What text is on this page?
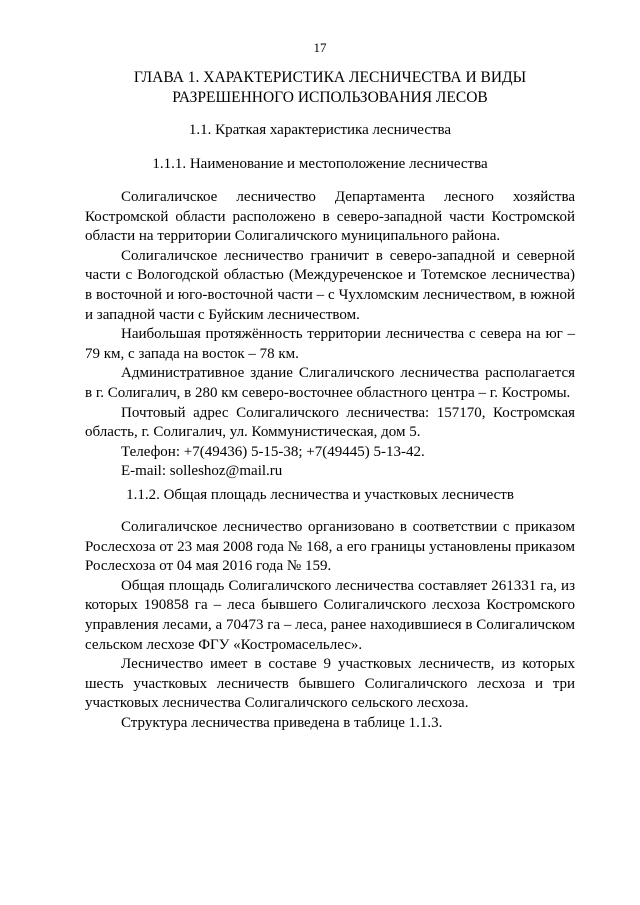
17
ГЛАВА 1. ХАРАКТЕРИСТИКА ЛЕСНИЧЕСТВА И ВИДЫ
РАЗРЕШЕННОГО ИСПОЛЬЗОВАНИЯ ЛЕСОВ
1.1. Краткая характеристика лесничества
1.1.1. Наименование и местоположение лесничества

Солигаличское лесничество Департамента лесного хозяйства Костромской области расположено в северо-западной части Костромской области на территории Солигаличского муниципального района.

Солигаличское лесничество граничит в северо-западной и северной части с Вологодской областью (Междуреченское и Тотемское лесничества) в восточной и юго-восточной части – с Чухломским лесничеством, в южной и западной части с Буйским лесничеством.

Наибольшая протяжённость территории лесничества с севера на юг – 79 км, с запада на восток – 78 км.

Административное здание Слигаличского лесничества располагается в г. Солигалич, в 280 км северо-восточнее областного центра – г. Костромы.

Почтовый адрес Солигаличского лесничества: 157170, Костромская область, г. Солигалич, ул. Коммунистическая, дом 5.

Телефон: +7(49436) 5-15-38; +7(49445) 5-13-42.

E-mail: solleshoz@mail.ru

1.1.2. Общая площадь лесничества и участковых лесничеств

Солигаличское лесничество организовано в соответствии с приказом Рослесхоза от 23 мая 2008 года № 168, а его границы установлены приказом Рослесхоза от 04 мая 2016 года № 159.

Общая площадь Солигаличского лесничества составляет 261331 га, из которых 190858 га – леса бывшего Солигаличского лесхоза Костромского управления лесами, а 70473 га – леса, ранее находившиеся в Солигаличском сельском лесхозе ФГУ «Костромасельлес».

Лесничество имеет в составе 9 участковых лесничеств, из которых шесть участковых лесничеств бывшего Солигаличского лесхоза и три участковых лесничества Солигаличского сельского лесхоза.

Структура лесничества приведена в таблице 1.1.3.
